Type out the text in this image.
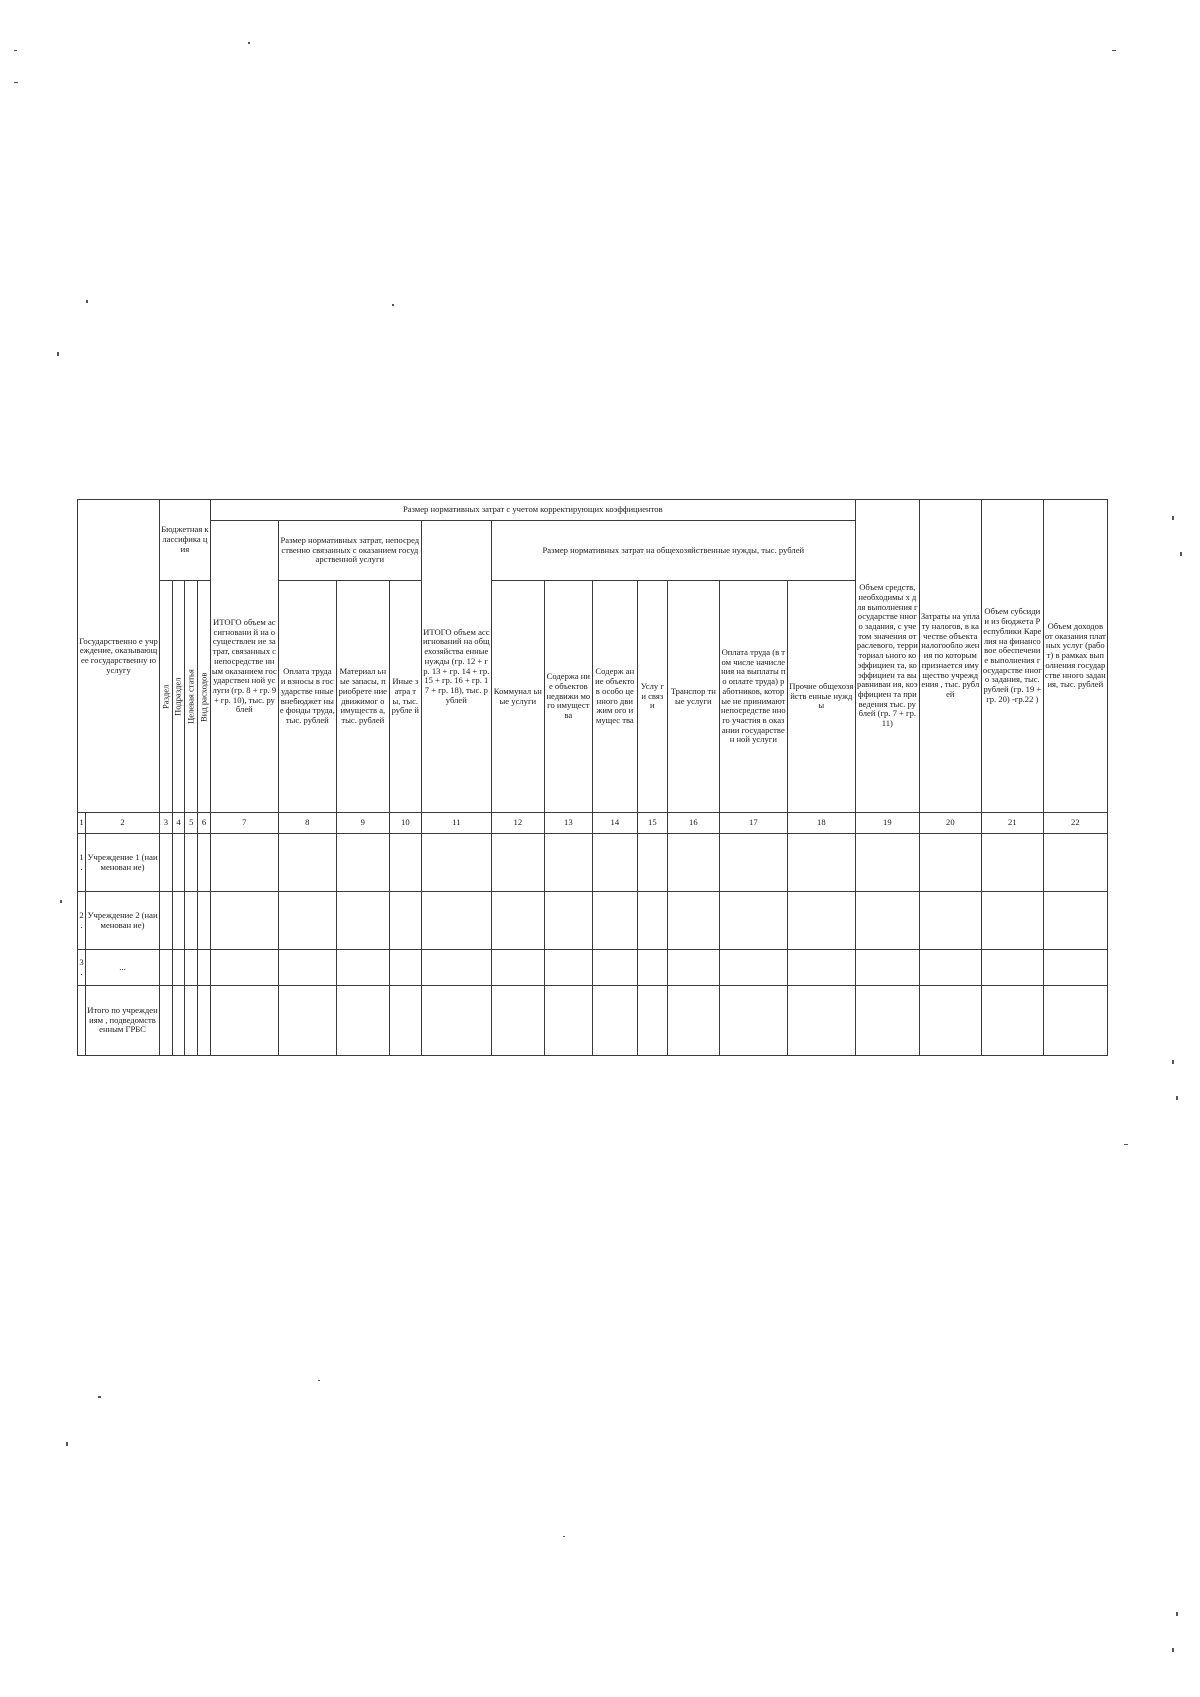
Государственно е учреждение, оказывающее государственну ю услугу		Бюджетная классифика ция				Размер нормативных затрат с учетом корректирующих коэффициентов												Объем средств, необходимы х для выполнения государстве нного задания, с учетом значения отраслевого, территориал ьного коэффициен та, коэффициен та выравниван ия, коэффициен та приведения тыс. рублей (гр. 7 + гр. 11)	Затраты на уплату налогов, в качестве объекта налогообло жения по которым признается имущество учреждения , тыс. рублей	Объем субсидии из бюджета Республики Карелия на финансовое обеспечение выполнения государстве нного задания, тыс. рублей (гр. 19 + гр. 20) -гр.22 )	Объем доходов от оказания платных услуг (работ) в рамках выполнения государстве нного задания, тыс. рублей
						ИТОГО объем ассигновани й на осуществлен ие затрат, связанных с непосредстве нным оказанием государствен ной услуги (гр. 8 + гр. 9 + гр. 10), тыс. рублей	Размер нормативных затрат, непосредственно связанных с оказанием государственной услуги			ИТОГО объем ассигнований на общехозяйства енные нужды (гр. 12 + гр. 13 + гр. 14 + гр. 15 + гр. 16 + гр. 17 + гр. 18), тыс. рублей	Размер нормативных затрат на общехозяйственные нужды, тыс. рублей										

		Раздел	Подраздел	Целевая статья	Вид расходов		Оплата труда и взносы в государстве нные внебюджет ные фонды труда, тыс. рублей	Материал ьные запасы, приобрете ние движимог о имуществ а, тыс. рублей	Иные затра ты, тыс. рубле й		Коммунал ьные услуги	Содержа ние объектов недвижи мого имущест ва	Содерж ание объекто в особо ценного движим ого имущес тва	Услу ги связ и	Транспор тные услуги	Оплата труда (в том числе начисления на выплаты по оплате труда) работников, которые не принимают непосредстве нного участия в оказании государствен ной услуги	Прочие общехозяйств енные нужды				
1	2	3	4	5	6	7	8	9	10	11	12	13	14	15	16	17	18	19	20	21	22
1 .	Учреждение 1 (наименован ие)																				
2 .	Учреждение 2 (наименован ие)																				
3 .	...																				
	Итого по учреждениям , подведомств енным ГРБС																				
